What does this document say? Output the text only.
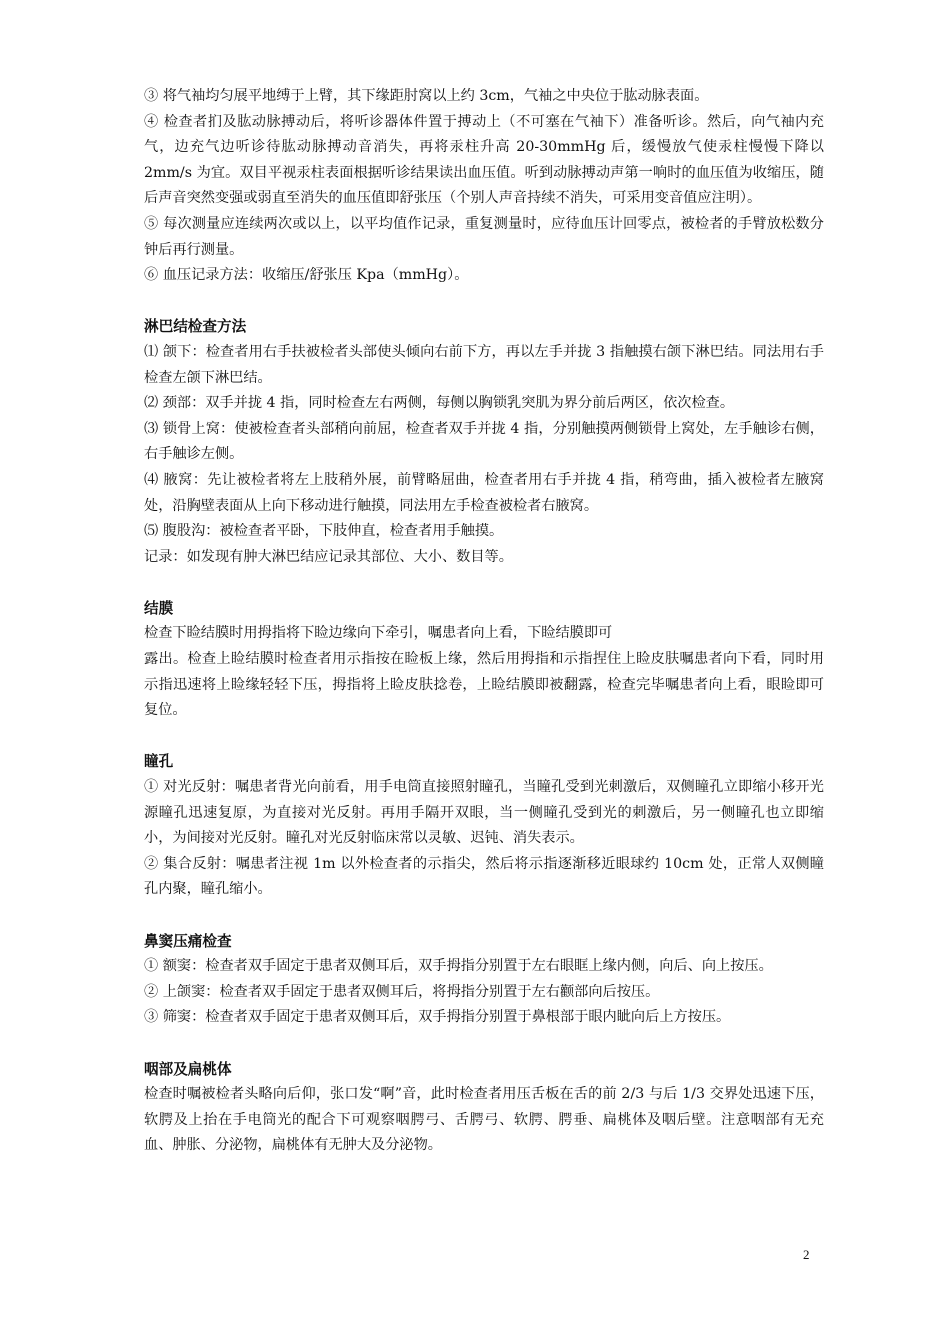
③ 将气袖均匀展平地缚于上臂，其下缘距肘窝以上约 3cm，气袖之中央位于肱动脉表面。

④ 检查者扪及肱动脉搏动后，将听诊器体件置于搏动上（不可塞在气袖下）准备听诊。然后，向气袖内充气，边充气边听诊待肱动脉搏动音消失，再将汞柱升高 20-30mmHg 后，缓慢放气使汞柱慢慢下降以 2mm/s 为宜。双目平视汞柱表面根据听诊结果读出血压值。听到动脉搏动声第一响时的血压值为收缩压，随后声音突然变强或弱直至消失的血压值即舒张压（个别人声音持续不消失，可采用变音值应注明）。

⑤ 每次测量应连续两次或以上，以平均值作记录，重复测量时，应待血压计回零点，被检者的手臂放松数分钟后再行测量。

⑥ 血压记录方法：收缩压/舒张压 Kpa（mmHg）。

淋巴结检查方法

⑴ 颌下：检查者用右手扶被检者头部使头倾向右前下方，再以左手并拢 3 指触摸右颌下淋巴结。同法用右手检查左颌下淋巴结。

⑵ 颈部：双手并拢 4 指，同时检查左右两侧，每侧以胸锁乳突肌为界分前后两区，依次检查。

⑶ 锁骨上窝：使被检查者头部稍向前屈，检查者双手并拢 4 指，分别触摸两侧锁骨上窝处，左手触诊右侧，右手触诊左侧。

⑷ 腋窝：先让被检者将左上肢稍外展，前臂略屈曲，检查者用右手并拢 4 指，稍弯曲，插入被检者左腋窝处，沿胸壁表面从上向下移动进行触摸，同法用左手检查被检者右腋窝。

⑸ 腹股沟：被检查者平卧，下肢伸直，检查者用手触摸。

记录：如发现有肿大淋巴结应记录其部位、大小、数目等。

结膜

检查下睑结膜时用拇指将下睑边缘向下牵引，嘱患者向上看，下睑结膜即可

露出。检查上睑结膜时检查者用示指按在睑板上缘，然后用拇指和示指捏住上睑皮肤嘱患者向下看，同时用示指迅速将上睑缘轻轻下压，拇指将上睑皮肤捻卷，上睑结膜即被翻露，检查完毕嘱患者向上看，眼睑即可复位。

瞳孔

① 对光反射：嘱患者背光向前看，用手电筒直接照射瞳孔，当瞳孔受到光刺激后，双侧瞳孔立即缩小移开光源瞳孔迅速复原，为直接对光反射。再用手隔开双眼，当一侧瞳孔受到光的刺激后，另一侧瞳孔也立即缩小，为间接对光反射。瞳孔对光反射临床常以灵敏、迟钝、消失表示。

② 集合反射：嘱患者注视 1m 以外检查者的示指尖，然后将示指逐渐移近眼球约 10cm 处，正常人双侧瞳孔内聚，瞳孔缩小。

鼻窦压痛检查

① 额窦：检查者双手固定于患者双侧耳后，双手拇指分别置于左右眼眶上缘内侧，向后、向上按压。

② 上颌窦：检查者双手固定于患者双侧耳后，将拇指分别置于左右颧部向后按压。

③ 筛窦：检查者双手固定于患者双侧耳后，双手拇指分别置于鼻根部于眼内眦向后上方按压。

咽部及扁桃体

检查时嘱被检者头略向后仰，张口发“啊”音，此时检查者用压舌板在舌的前 2/3 与后 1/3 交界处迅速下压，软腭及上抬在手电筒光的配合下可观察咽腭弓、舌腭弓、软腭、腭垂、扁桃体及咽后壁。注意咽部有无充血、肿胀、分泌物，扁桃体有无肿大及分泌物。

2
